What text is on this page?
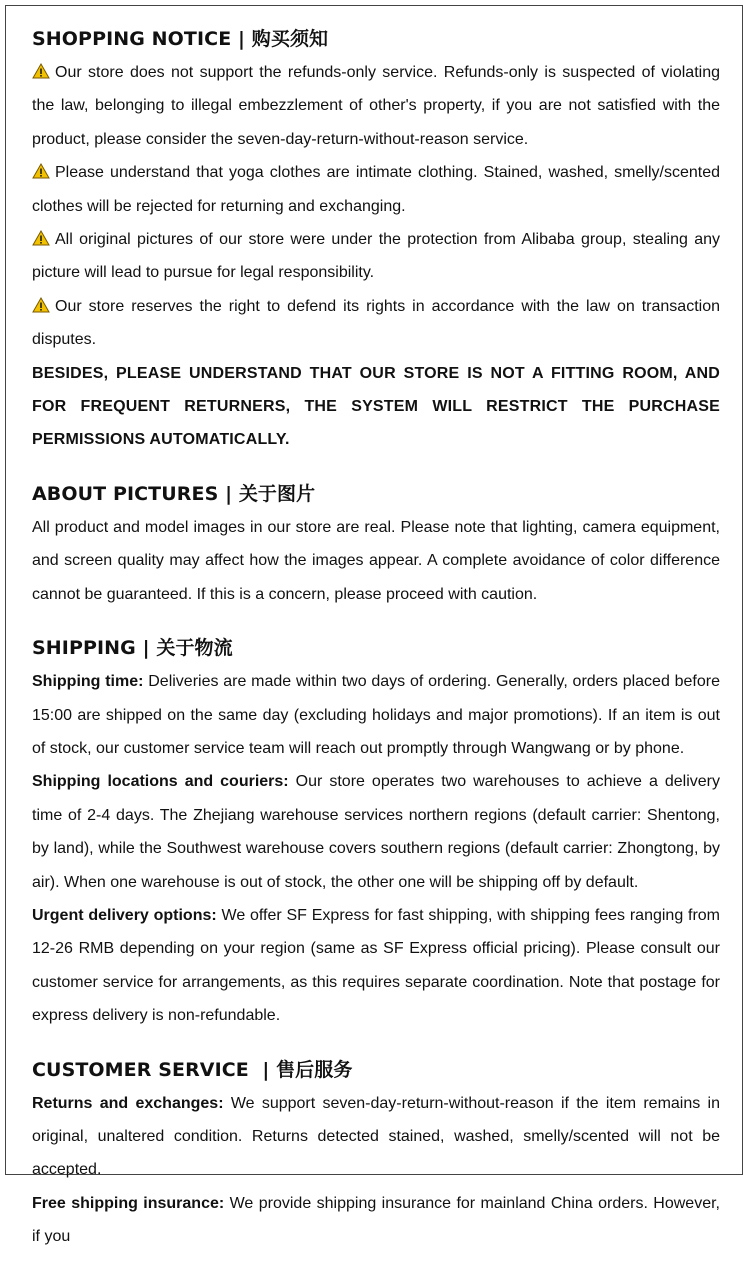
SHOPPING NOTICE | 购买须知

Our store does not support the refunds-only service. Refunds-only is suspected of violating the law, belonging to illegal embezzlement of other's property, if you are not satisfied with the product, please consider the seven-day-return-without-reason service.

Please understand that yoga clothes are intimate clothing. Stained, washed, smelly/scented clothes will be rejected for returning and exchanging.

All original pictures of our store were under the protection from Alibaba group, stealing any picture will lead to pursue for legal responsibility.

Our store reserves the right to defend its rights in accordance with the law on transaction disputes.

BESIDES, PLEASE UNDERSTAND THAT OUR STORE IS NOT A FITTING ROOM, AND FOR FREQUENT RETURNERS, THE SYSTEM WILL RESTRICT THE PURCHASE PERMISSIONS AUTOMATICALLY.

ABOUT PICTURES | 关于图片

All product and model images in our store are real. Please note that lighting, camera equipment, and screen quality may affect how the images appear. A complete avoidance of color difference cannot be guaranteed. If this is a concern, please proceed with caution.

SHIPPING | 关于物流

Shipping time: Deliveries are made within two days of ordering. Generally, orders placed before 15:00 are shipped on the same day (excluding holidays and major promotions). If an item is out of stock, our customer service team will reach out promptly through Wangwang or by phone.

Shipping locations and couriers: Our store operates two warehouses to achieve a delivery time of 2-4 days. The Zhejiang warehouse services northern regions (default carrier: Shentong, by land), while the Southwest warehouse covers southern regions (default carrier: Zhongtong, by air). When one warehouse is out of stock, the other one will be shipping off by default.

Urgent delivery options: We offer SF Express for fast shipping, with shipping fees ranging from 12-26 RMB depending on your region (same as SF Express official pricing). Please consult our customer service for arrangements, as this requires separate coordination. Note that postage for express delivery is non-refundable.

CUSTOMER SERVICE  | 售后服务

Returns and exchanges: We support seven-day-return-without-reason if the item remains in original, unaltered condition. Returns detected stained, washed, smelly/scented will not be accepted.

Free shipping insurance: We provide shipping insurance for mainland China orders. However, if you
